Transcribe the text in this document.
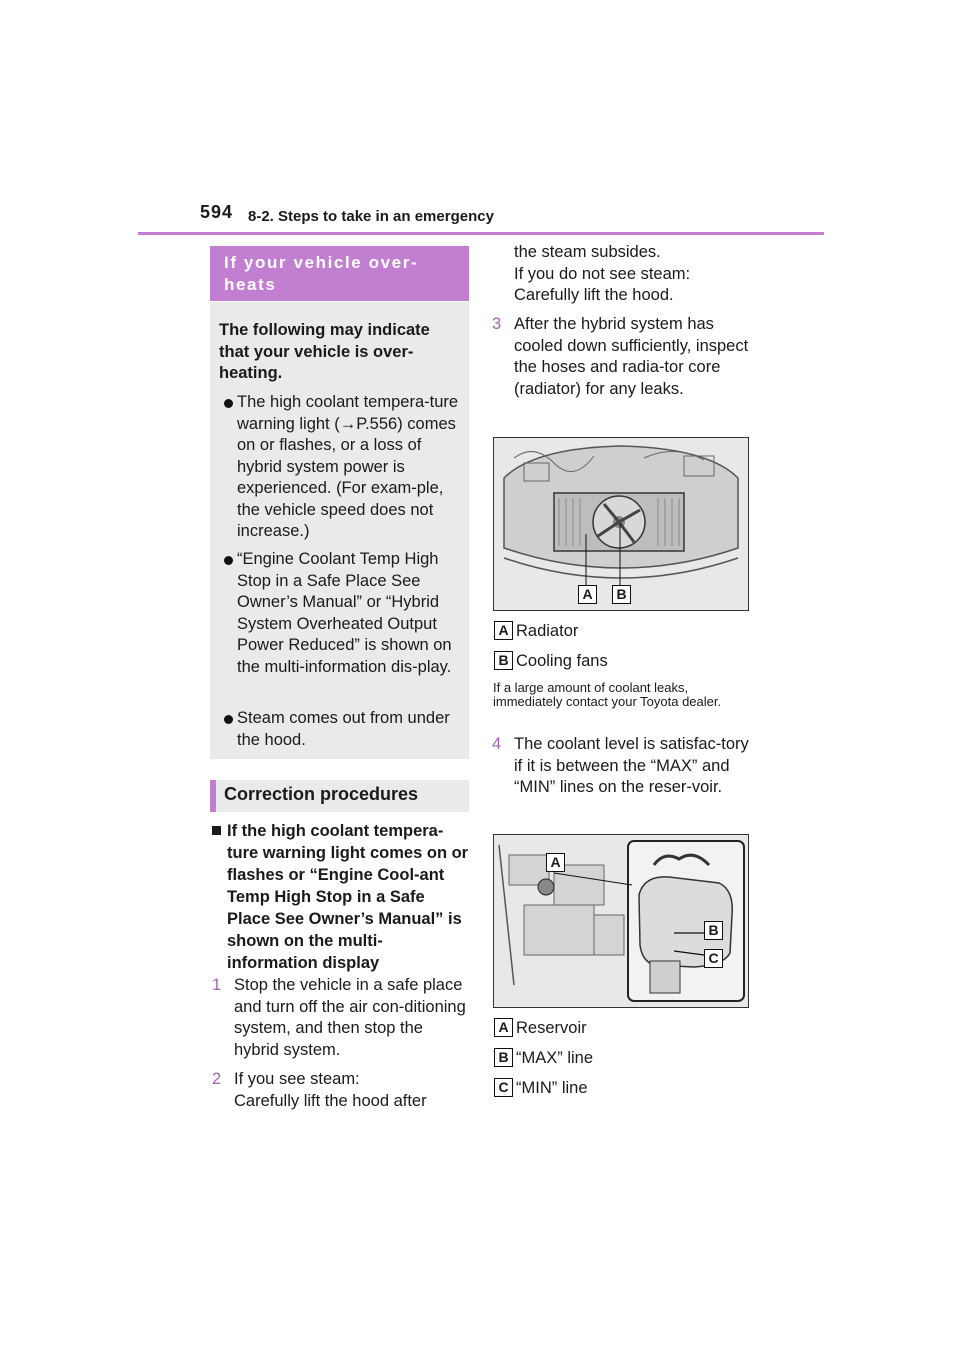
594 8-2. Steps to take in an emergency
If your vehicle over-
heats
The following may indicate that your vehicle is over-heating.
The high coolant tempera-ture warning light (→P.556) comes on or flashes, or a loss of hybrid system power is experienced. (For exam-ple, the vehicle speed does not increase.)
“Engine Coolant Temp High Stop in a Safe Place See Owner’s Manual” or “Hybrid System Overheated Output Power Reduced” is shown on the multi-information dis-play.
Steam comes out from under the hood.
Correction procedures
If the high coolant tempera-ture warning light comes on or flashes or “Engine Cool-ant Temp High Stop in a Safe Place See Owner’s Manual” is shown on the multi-information display
1 Stop the vehicle in a safe place and turn off the air con-ditioning system, and then stop the hybrid system.
2 If you see steam:
Carefully lift the hood after
the steam subsides.
If you do not see steam:
Carefully lift the hood.
3 After the hybrid system has cooled down sufficiently, inspect the hoses and radia-tor core (radiator) for any leaks.
A	B
A Radiator
B Cooling fans
If a large amount of coolant leaks, immediately contact your Toyota dealer.
4 The coolant level is satisfac-tory if it is between the “MAX” and “MIN” lines on the reser-voir.
A
B
C
A Reservoir
B “MAX” line
C “MIN” line
